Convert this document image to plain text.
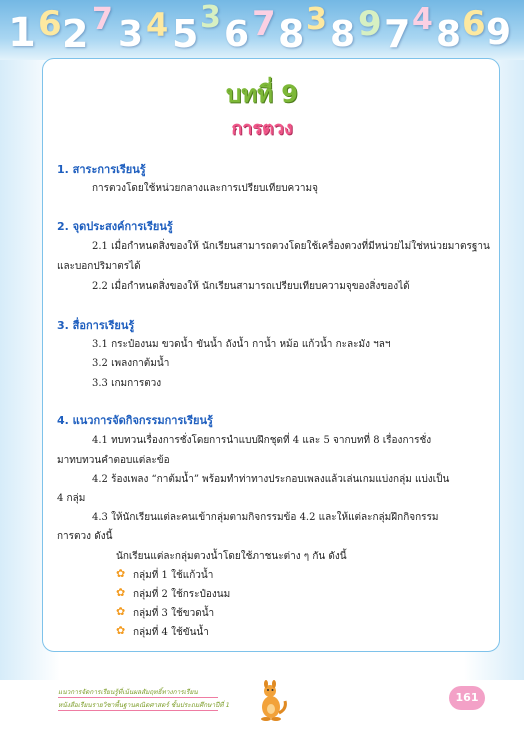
1 6 2 7 3 4 5 3 6 7 8 3 8 9 7 4 8 6 9
บทที่ 9
การตวง
1. สาระการเรียนรู้
การตวงโดยใช้หน่วยกลางและการเปรียบเทียบความจุ
2. จุดประสงค์การเรียนรู้
2.1 เมื่อกำหนดสิ่งของให้ นักเรียนสามารถตวงโดยใช้เครื่องตวงที่มีหน่วยไม่ใช่หน่วยมาตรฐาน
และบอกปริมาตรได้
2.2 เมื่อกำหนดสิ่งของให้ นักเรียนสามารถเปรียบเทียบความจุของสิ่งของได้
3. สื่อการเรียนรู้
3.1 กระป๋องนม ขวดน้ำ ขันน้ำ ถังน้ำ กาน้ำ หม้อ แก้วน้ำ กะละมัง ฯลฯ
3.2 เพลงกาต้มน้ำ
3.3 เกมการตวง
4. แนวการจัดกิจกรรมการเรียนรู้
4.1 ทบทวนเรื่องการชั่งโดยการนำแบบฝึกชุดที่ 4 และ 5 จากบทที่ 8 เรื่องการชั่ง
มาทบทวนคำตอบแต่ละข้อ
4.2 ร้องเพลง “กาต้มน้ำ” พร้อมทำท่าทางประกอบเพลงแล้วเล่นเกมแบ่งกลุ่ม แบ่งเป็น
4 กลุ่ม
4.3 ให้นักเรียนแต่ละคนเข้ากลุ่มตามกิจกรรมข้อ 4.2 และให้แต่ละกลุ่มฝึกกิจกรรม
การตวง ดังนี้
นักเรียนแต่ละกลุ่มตวงน้ำโดยใช้ภาชนะต่าง ๆ กัน ดังนี้
✿ กลุ่มที่ 1 ใช้แก้วน้ำ
✿ กลุ่มที่ 2 ใช้กระป๋องนม
✿ กลุ่มที่ 3 ใช้ขวดน้ำ
✿ กลุ่มที่ 4 ใช้ขันน้ำ
แนวการจัดการเรียนรู้ที่เน้นผลสัมฤทธิ์ทางการเรียน
หนังสือเรียนรายวิชาพื้นฐานคณิตศาสตร์ ชั้นประถมศึกษาปีที่ 1
161
